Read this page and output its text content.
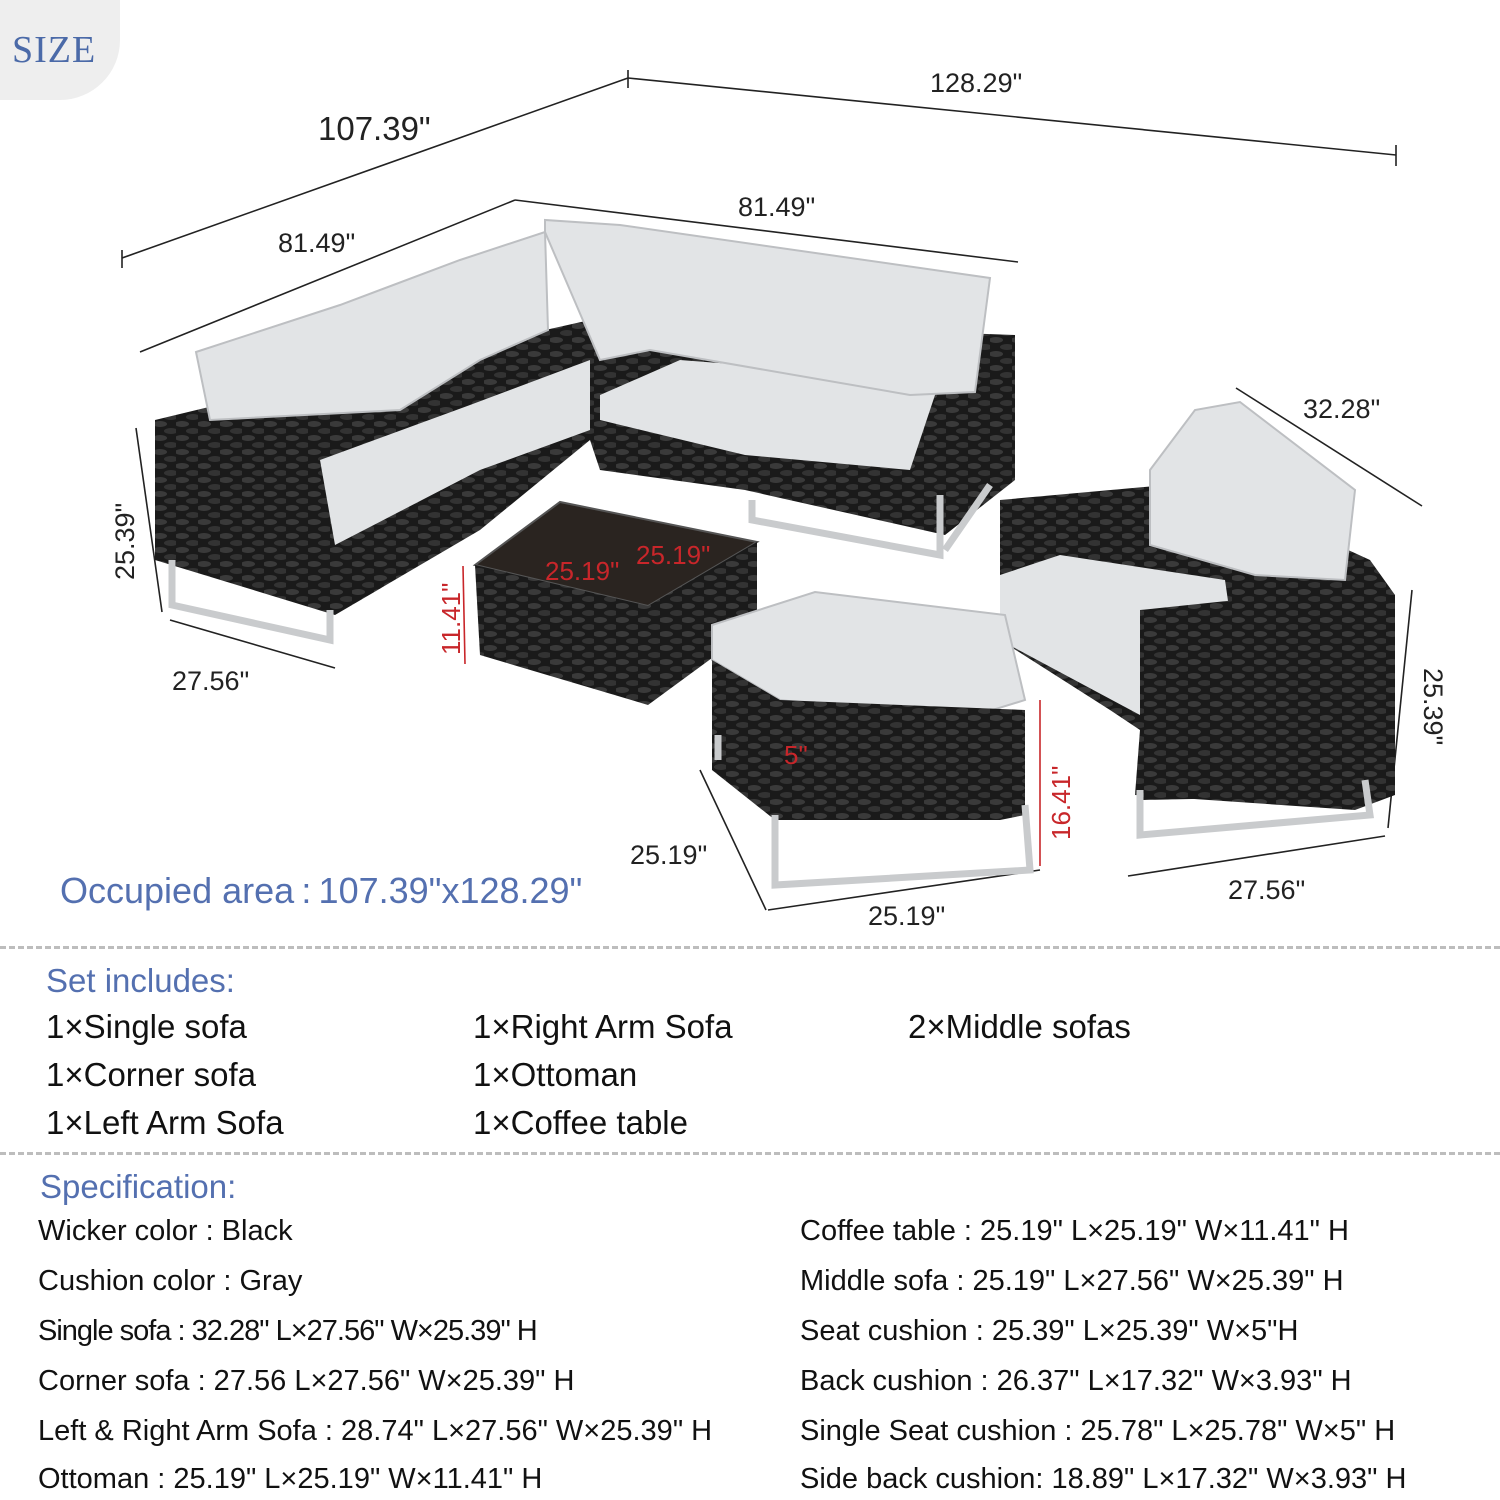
SIZE
107.39"
128.29"
81.49"
81.49"
25.39"
27.56"
25.19"
25.19"
11.41"
32.28"
25.39"
27.56"
5"
16.41"
25.19"
25.19"
Occupied area : 107.39"x128.29"
Set includes:
1×Single sofa
1×Corner sofa
1×Left Arm Sofa
1×Right Arm Sofa
1×Ottoman
1×Coffee table
2×Middle sofas
Specification:
Wicker color : Black
Cushion color : Gray
Single sofa : 32.28" L×27.56" W×25.39" H
Corner sofa : 27.56 L×27.56" W×25.39" H
Left & Right Arm Sofa : 28.74" L×27.56" W×25.39" H
Ottoman : 25.19" L×25.19" W×11.41" H
Coffee table : 25.19" L×25.19" W×11.41" H
Middle sofa : 25.19" L×27.56" W×25.39" H
Seat cushion : 25.39" L×25.39" W×5"H
Back cushion : 26.37" L×17.32" W×3.93" H
Single Seat cushion : 25.78" L×25.78" W×5" H
Side back cushion: 18.89" L×17.32" W×3.93" H
